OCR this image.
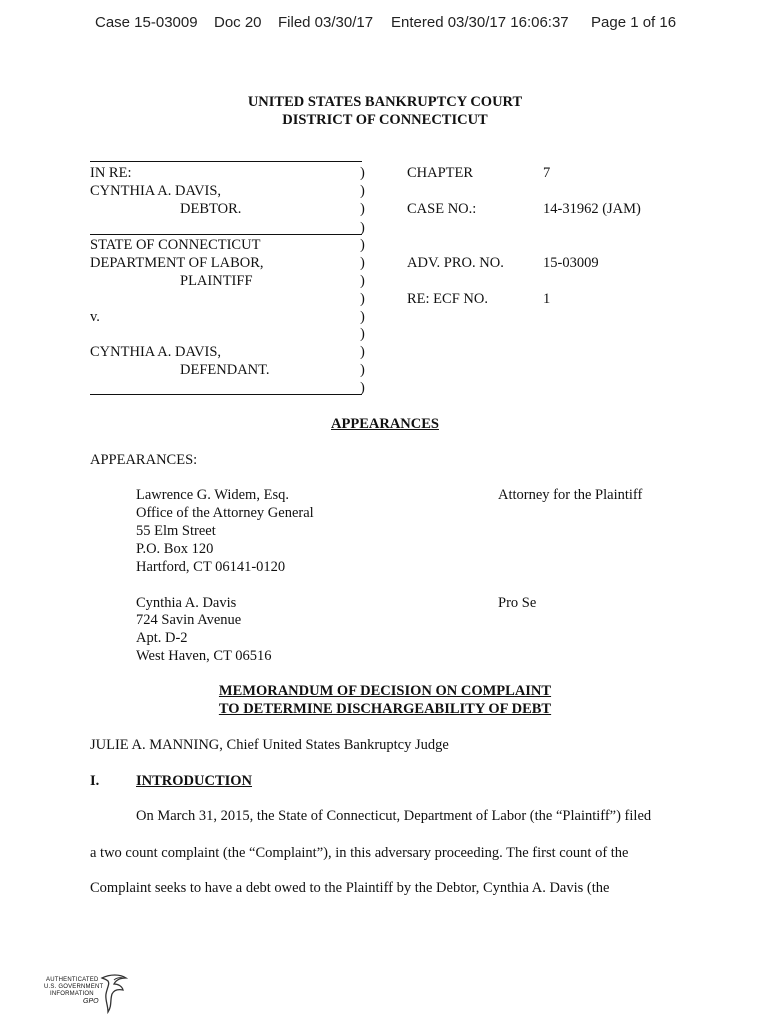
Case 15-03009 Doc 20 Filed 03/30/17 Entered 03/30/17 16:06:37 Page 1 of 16
UNITED STATES BANKRUPTCY COURT
DISTRICT OF CONNECTICUT
IN RE:
CYNTHIA A. DAVIS,
DEBTOR.
STATE OF CONNECTICUT
DEPARTMENT OF LABOR,
PLAINTIFF
v.
CYNTHIA A. DAVIS,
DEFENDANT.
)
)
)
)
)
)
)
)
)
)
)
)
)
CHAPTER	7
CASE NO.:	14-31962 (JAM)
ADV. PRO. NO.	15-03009
RE: ECF NO.	1
APPEARANCES
APPEARANCES:
Lawrence G. Widem, Esq.
Office of the Attorney General
55 Elm Street
P.O. Box 120
Hartford, CT 06141-0120
Attorney for the Plaintiff
Cynthia A. Davis
724 Savin Avenue
Apt. D-2
West Haven, CT 06516
Pro Se
MEMORANDUM OF DECISION ON COMPLAINT
TO DETERMINE DISCHARGEABILITY OF DEBT
JULIE A. MANNING, Chief United States Bankruptcy Judge
I.	INTRODUCTION
On March 31, 2015, the State of Connecticut, Department of Labor (the “Plaintiff”) filed
a two count complaint (the “Complaint”), in this adversary proceeding. The first count of the
Complaint seeks to have a debt owed to the Plaintiff by the Debtor, Cynthia A. Davis (the
AUTHENTICATED
U.S. GOVERNMENT
INFORMATION
GPO
